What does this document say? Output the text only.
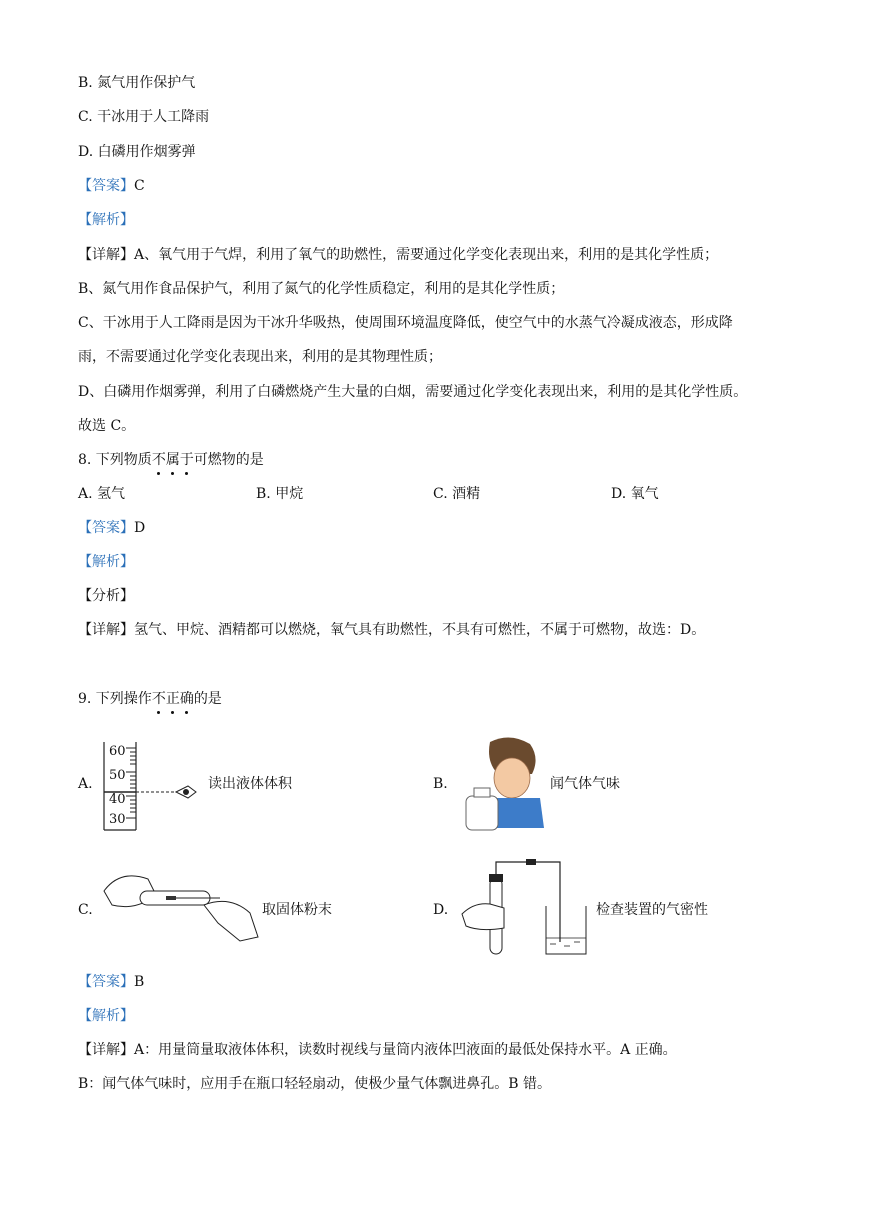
B. 氮气用作保护气
C. 干冰用于人工降雨
D. 白磷用作烟雾弹
【答案】C
【解析】
【详解】A、氧气用于气焊，利用了氧气的助燃性，需要通过化学变化表现出来，利用的是其化学性质；
B、氮气用作食品保护气，利用了氮气的化学性质稳定，利用的是其化学性质；
C、干冰用于人工降雨是因为干冰升华吸热，使周围环境温度降低，使空气中的水蒸气冷凝成液态，形成降
雨，不需要通过化学变化表现出来，利用的是其物理性质；
D、白磷用作烟雾弹，利用了白磷燃烧产生大量的白烟，需要通过化学变化表现出来，利用的是其化学性质。
故选 C。
8. 下列物质不属于可燃物的是
A. 氢气	B. 甲烷	C. 酒精	D. 氧气
【答案】D
【解析】
【分析】
【详解】氢气、甲烷、酒精都可以燃烧，氧气具有助燃性，不具有可燃性，不属于可燃物，故选：D。
9. 下列操作不正确的是
A.
60
50
40
30
读出液体体积	B.	闻气体气味
C.	取固体粉末	D.	检查装置的气密性
【答案】B
【解析】
【详解】A：用量筒量取液体体积，读数时视线与量筒内液体凹液面的最低处保持水平。A 正确。
B：闻气体气味时，应用手在瓶口轻轻扇动，使极少量气体飘进鼻孔。B 错。
